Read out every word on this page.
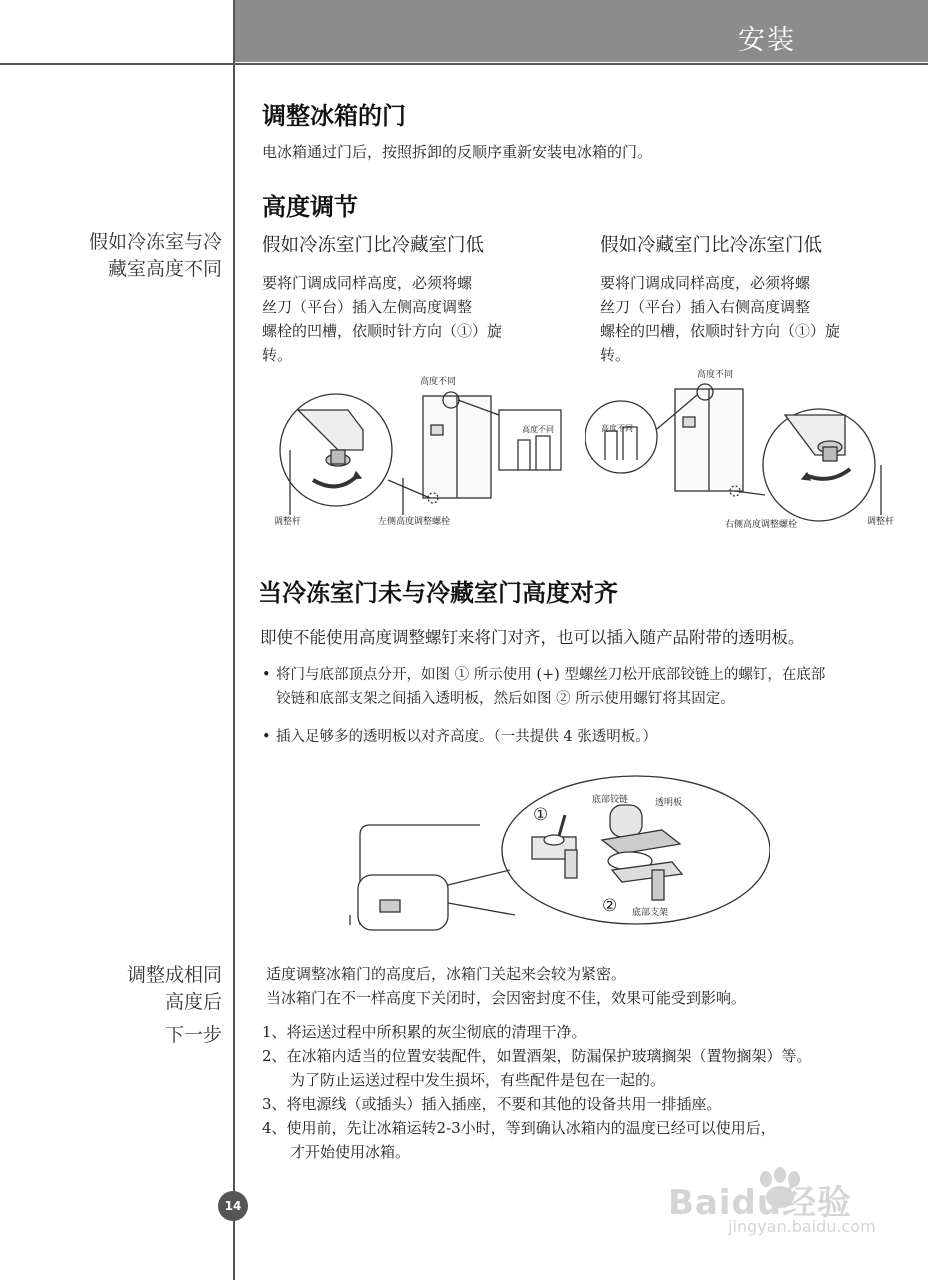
安装
假如冷冻室与冷
藏室高度不同
调整成相同
高度后
下一步
调整冰箱的门
电冰箱通过门后，按照拆卸的反顺序重新安装电冰箱的门。
高度调节
假如冷冻室门比冷藏室门低
要将门调成同样高度，必须将螺
丝刀（平台）插入左侧高度调整
螺栓的凹槽，依顺时针方向（①）旋
转。
假如冷藏室门比冷冻室门低
要将门调成同样高度，必须将螺
丝刀（平台）插入右侧高度调整
螺栓的凹槽，依顺时针方向（①）旋
转。
高度不同
高度不同
调整杆	左侧高度调整螺栓
高度不同
高度不同
右侧高度调整螺栓	调整杆
当冷冻室门未与冷藏室门高度对齐
即使不能使用高度调整螺钉来将门对齐，也可以插入随产品附带的透明板。
• 将门与底部顶点分开，如图 ① 所示使用 (+) 型螺丝刀松开底部铰链上的螺钉，在底部
铰链和底部支架之间插入透明板，然后如图 ② 所示使用螺钉将其固定。
• 插入足够多的透明板以对齐高度。（一共提供 4 张透明板。）
①
②
底部铰链	透明板
底部支架
适度调整冰箱门的高度后，冰箱门关起来会较为紧密。
当冰箱门在不一样高度下关闭时，会因密封度不佳，效果可能受到影响。
1、将运送过程中所积累的灰尘彻底的清理干净。
2、在冰箱内适当的位置安装配件，如置酒架，防漏保护玻璃搁架（置物搁架）等。
为了防止运送过程中发生损坏，有些配件是包在一起的。
3、将电源线（或插头）插入插座，不要和其他的设备共用一排插座。
4、使用前，先让冰箱运转2-3小时，等到确认冰箱内的温度已经可以使用后，
才开始使用冰箱。
14	Baidu经验
jingyan.baidu.com
